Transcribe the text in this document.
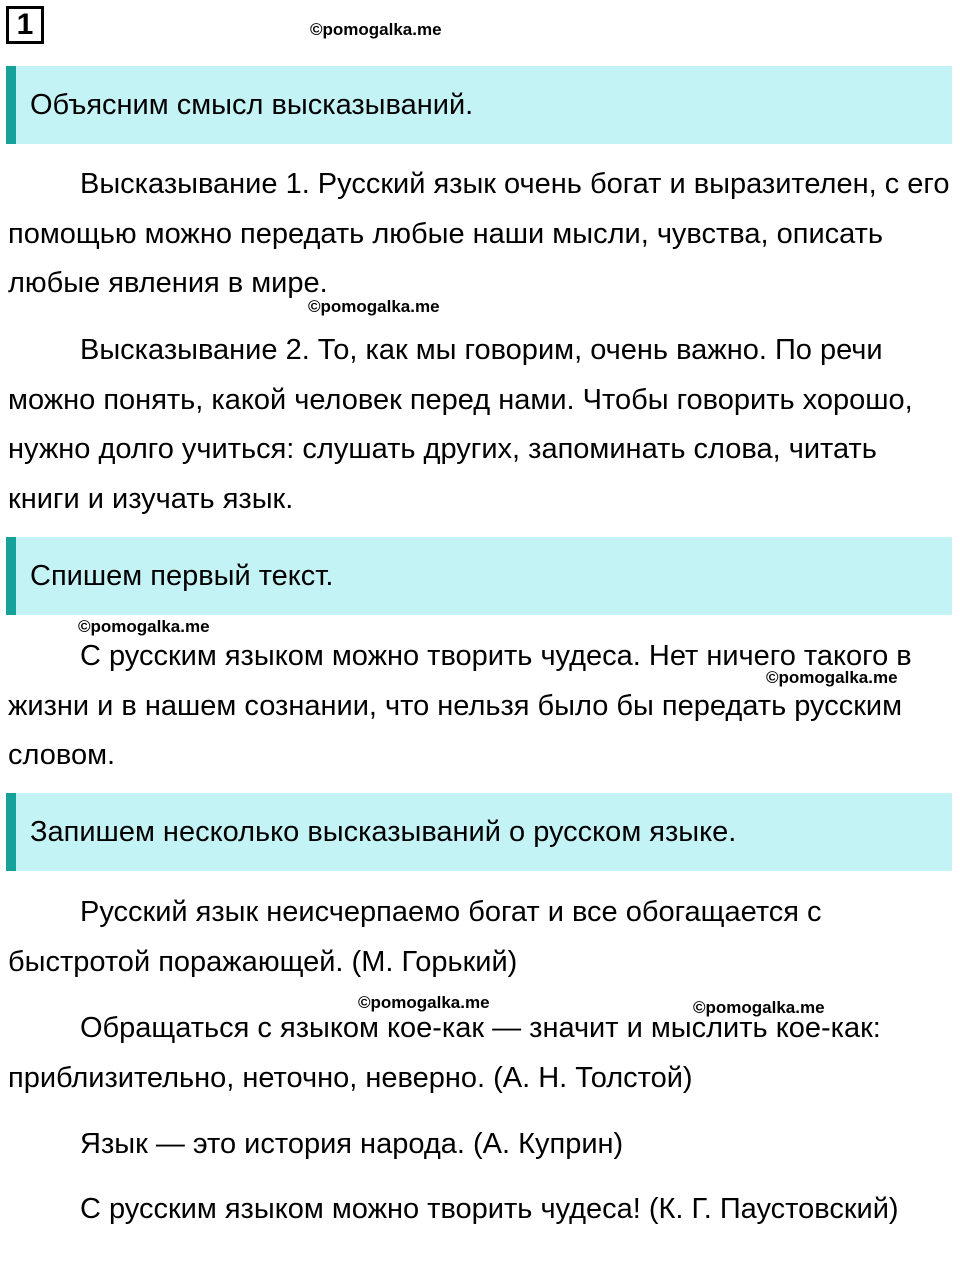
1	©pomogalka.me
Объясним смысл высказываний.

Высказывание 1. Русский язык очень богат и выразителен, с его помощью можно передать любые наши мысли, чувства, описать любые явления в мире.

©pomogalka.me

Высказывание 2. То, как мы говорим, очень важно. По речи можно понять, какой человек перед нами. Чтобы говорить хорошо, нужно долго учиться: слушать других, запоминать слова, читать книги и изучать язык.

Спишем первый текст.
©pomogalka.me

С русским языком можно творить чудеса. Нет ничего такого в жизни и в нашем сознании, что нельзя было бы передать русским словом.

©pomogalka.me
Запишем несколько высказываний о русском языке.

Русский язык неисчерпаемо богат и все обогащается с быстротой поражающей. (М. Горький)

©pomogalka.me	©pomogalka.me

Обращаться с языком кое-как — значит и мыслить кое-как: приблизительно, неточно, неверно. (А. Н. Толстой)

Язык — это история народа. (А. Куприн)

С русским языком можно творить чудеса! (К. Г. Паустовский)
